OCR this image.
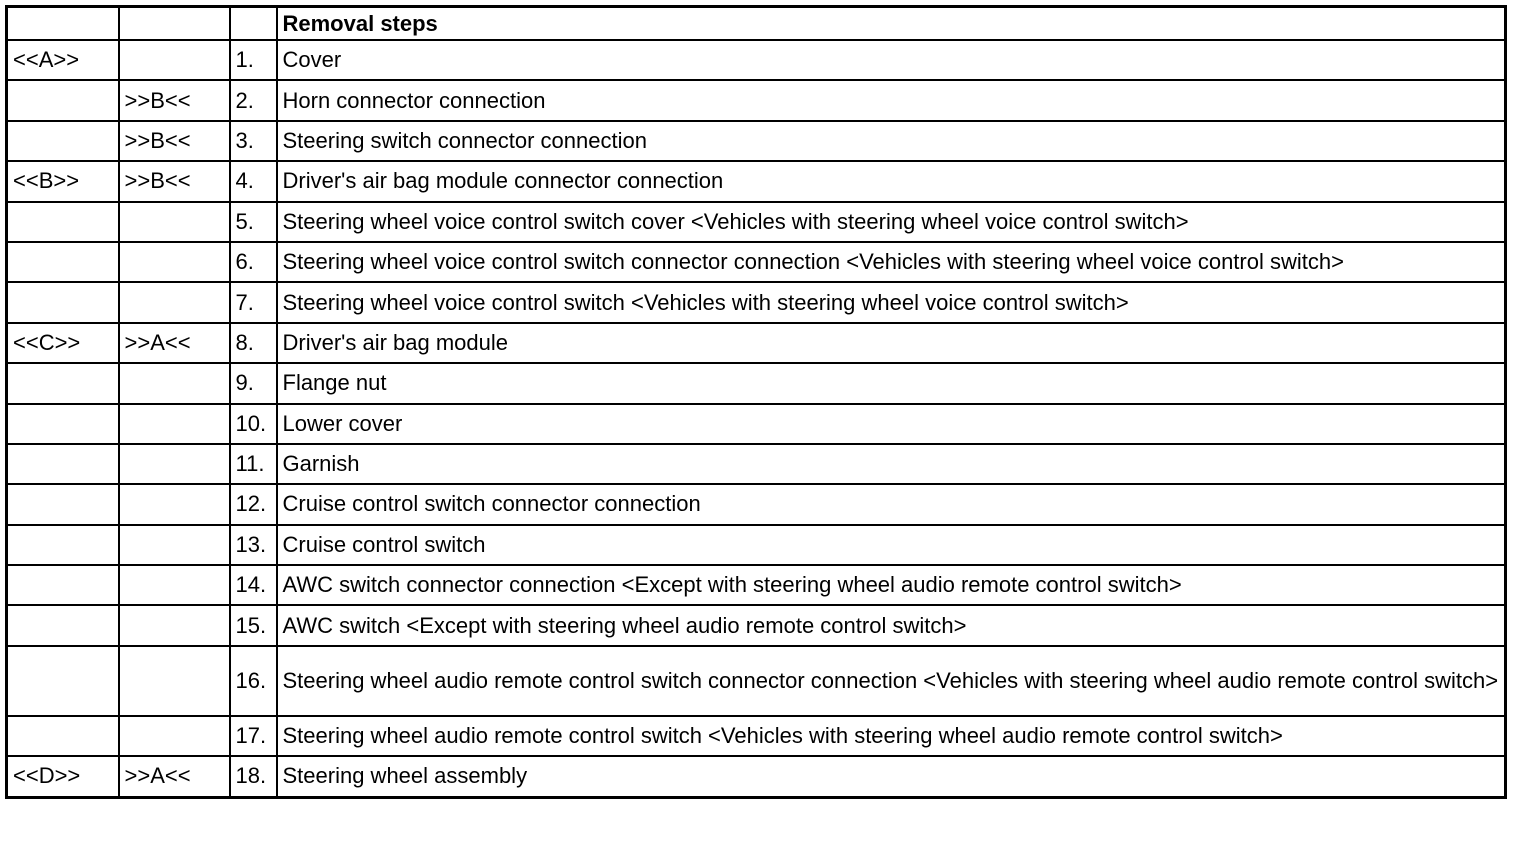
			Removal steps
<<A>>		1.	Cover
	>>B<<	2.	Horn connector connection
	>>B<<	3.	Steering switch connector connection
<<B>>	>>B<<	4.	Driver's air bag module connector connection
		5.	Steering wheel voice control switch cover <Vehicles with steering wheel voice control switch>
		6.	Steering wheel voice control switch connector connection <Vehicles with steering wheel voice control switch>
		7.	Steering wheel voice control switch <Vehicles with steering wheel voice control switch>
<<C>>	>>A<<	8.	Driver's air bag module
		9.	Flange nut
		10.	Lower cover
		11.	Garnish
		12.	Cruise control switch connector connection
		13.	Cruise control switch
		14.	AWC switch connector connection <Except with steering wheel audio remote control switch>
		15.	AWC switch <Except with steering wheel audio remote control switch>
		16.	Steering wheel audio remote control switch connector connection <Vehicles with steering wheel audio remote control switch>
		17.	Steering wheel audio remote control switch <Vehicles with steering wheel audio remote control switch>
<<D>>	>>A<<	18.	Steering wheel assembly
